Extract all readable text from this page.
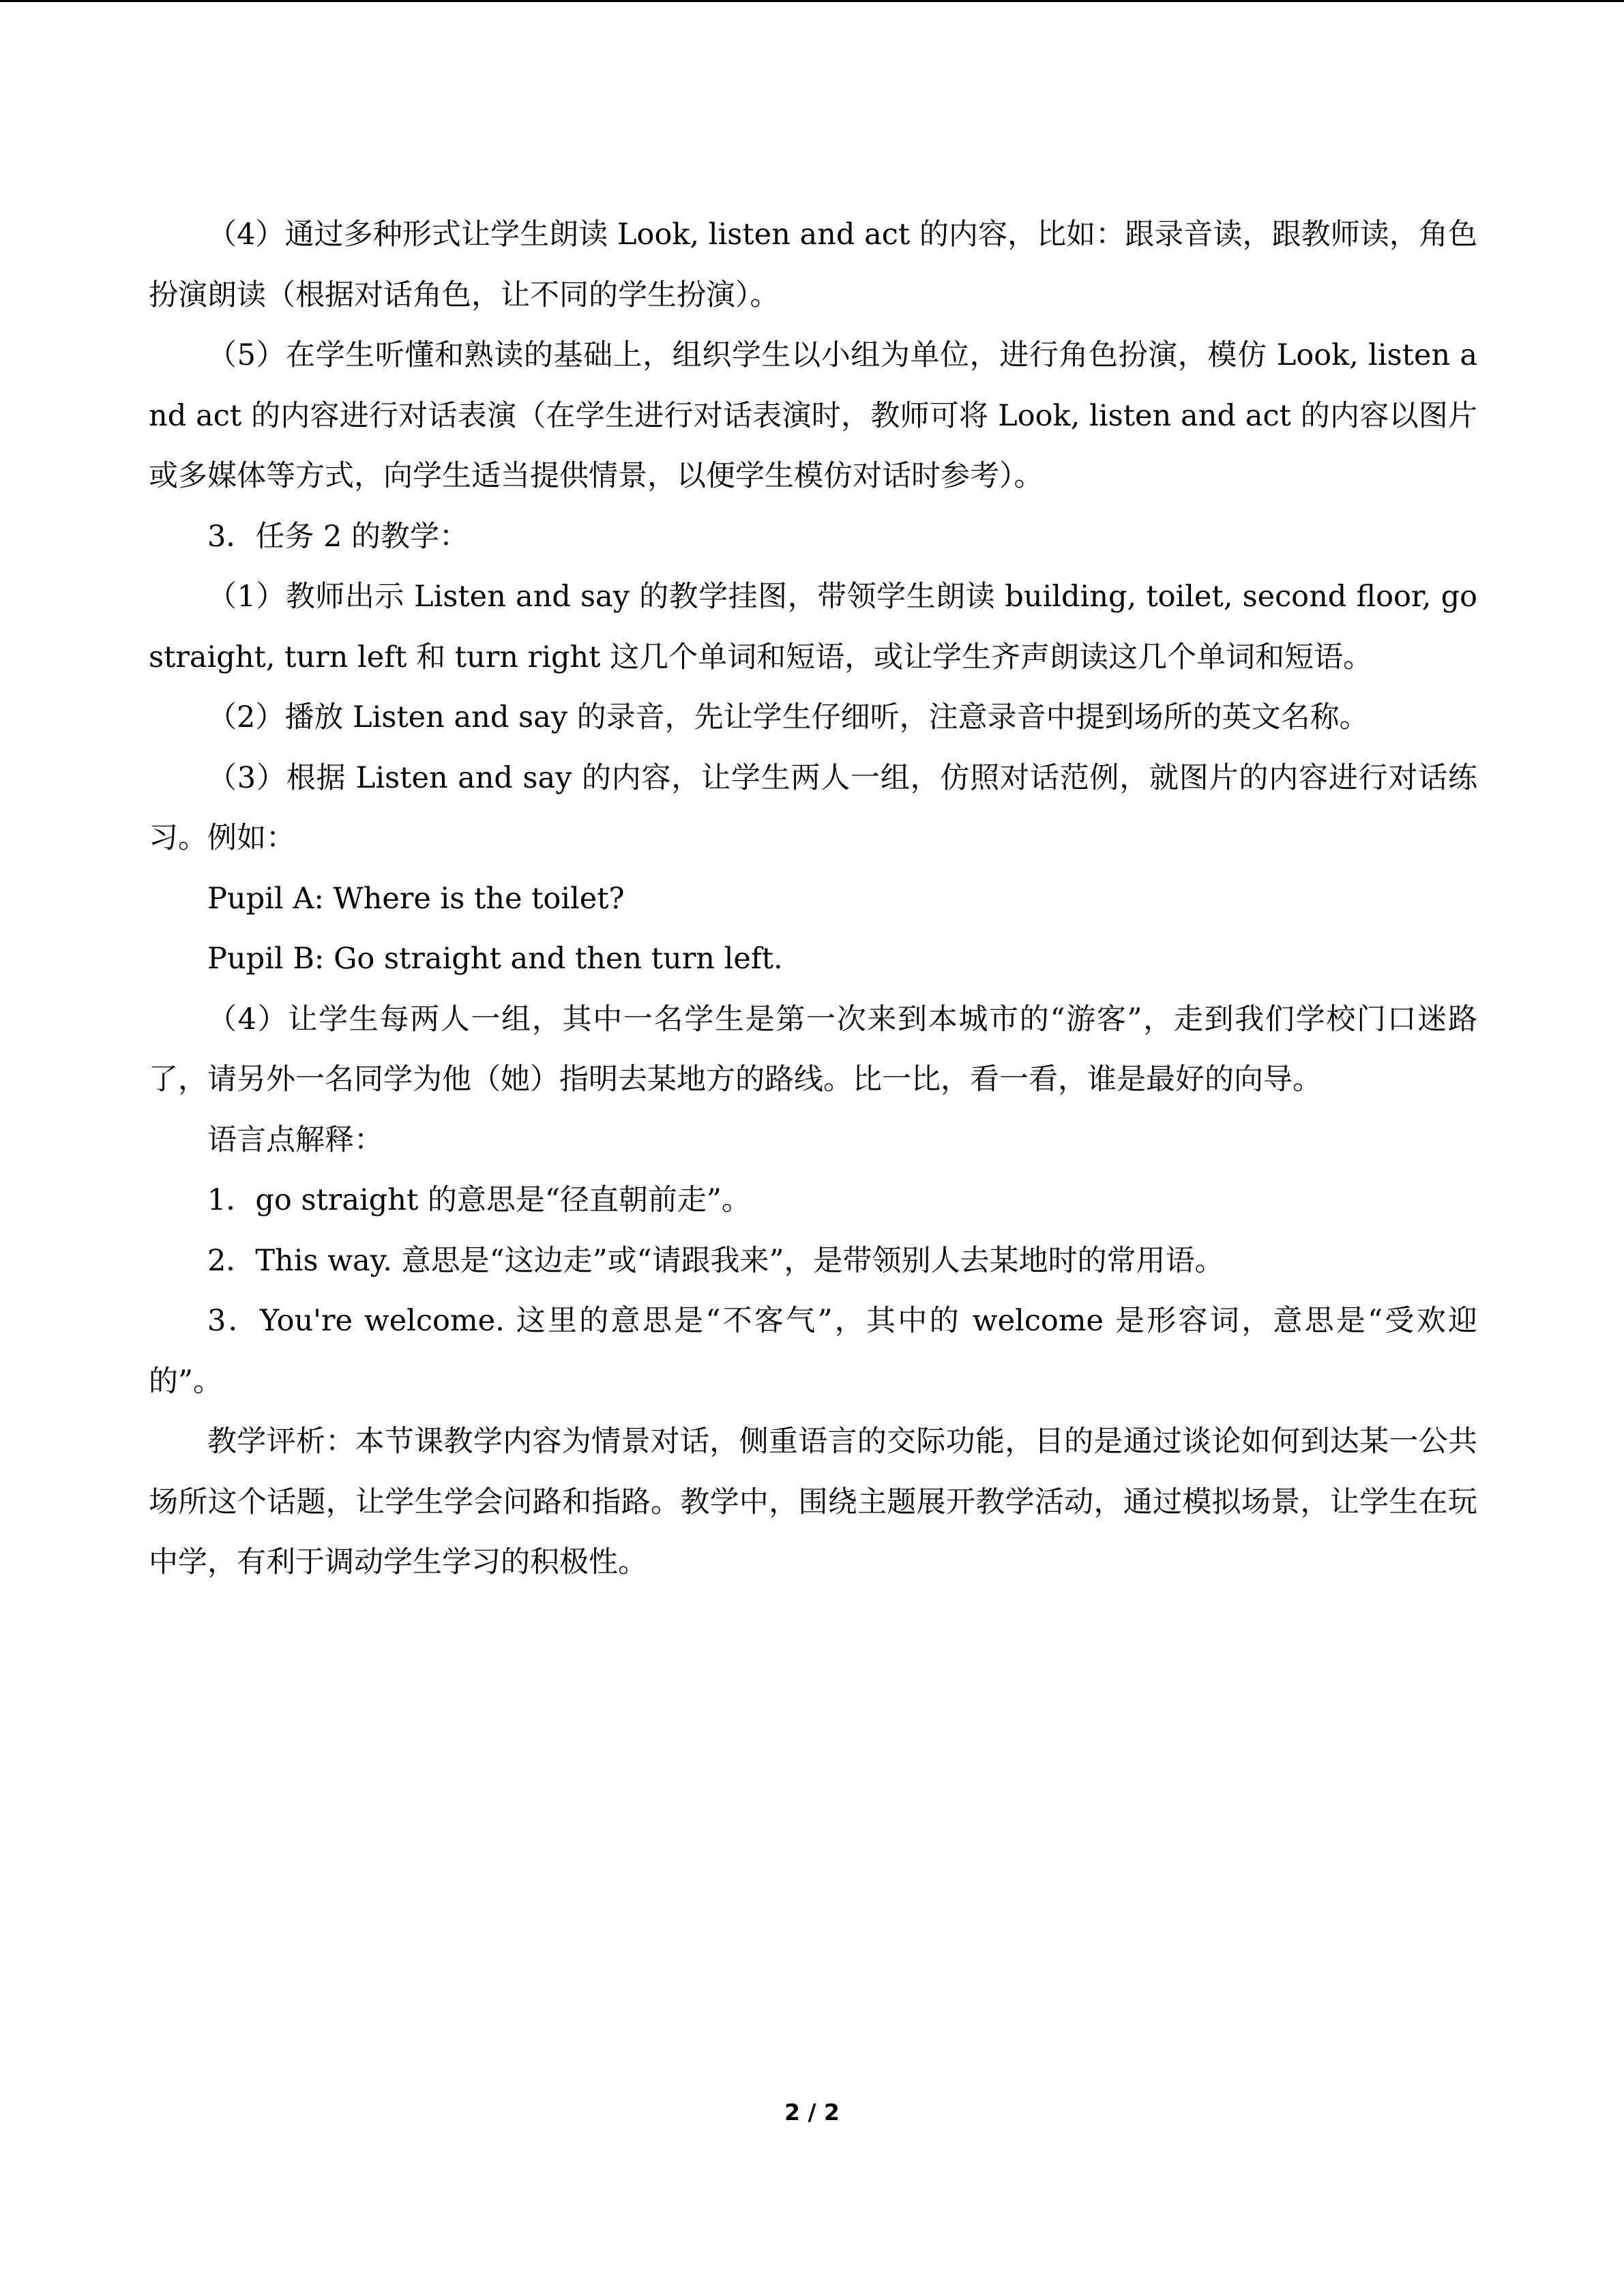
（4）通过多种形式让学生朗读 Look, listen and act 的内容，比如：跟录音读，跟教师读，角色扮演朗读（根据对话角色，让不同的学生扮演）。

（5）在学生听懂和熟读的基础上，组织学生以小组为单位，进行角色扮演，模仿 Look, listen and act 的内容进行对话表演（在学生进行对话表演时，教师可将 Look, listen and act 的内容以图片或多媒体等方式，向学生适当提供情景，以便学生模仿对话时参考）。

3．任务 2 的教学：

（1）教师出示 Listen and say 的教学挂图，带领学生朗读 building, toilet, second floor, go straight, turn left 和 turn right 这几个单词和短语，或让学生齐声朗读这几个单词和短语。

（2）播放 Listen and say 的录音，先让学生仔细听，注意录音中提到场所的英文名称。

（3）根据 Listen and say 的内容，让学生两人一组，仿照对话范例，就图片的内容进行对话练习。例如：

Pupil A: Where is the toilet?

Pupil B: Go straight and then turn left.

（4）让学生每两人一组，其中一名学生是第一次来到本城市的“游客”，走到我们学校门口迷路了，请另外一名同学为他（她）指明去某地方的路线。比一比，看一看，谁是最好的向导。

语言点解释：

1．go straight 的意思是“径直朝前走”。

2．This way. 意思是“这边走”或“请跟我来”，是带领别人去某地时的常用语。

3．You're welcome. 这里的意思是“不客气”，其中的 welcome 是形容词，意思是“受欢迎的”。

教学评析：本节课教学内容为情景对话，侧重语言的交际功能，目的是通过谈论如何到达某一公共场所这个话题，让学生学会问路和指路。教学中，围绕主题展开教学活动，通过模拟场景，让学生在玩中学，有利于调动学生学习的积极性。

2 / 2
